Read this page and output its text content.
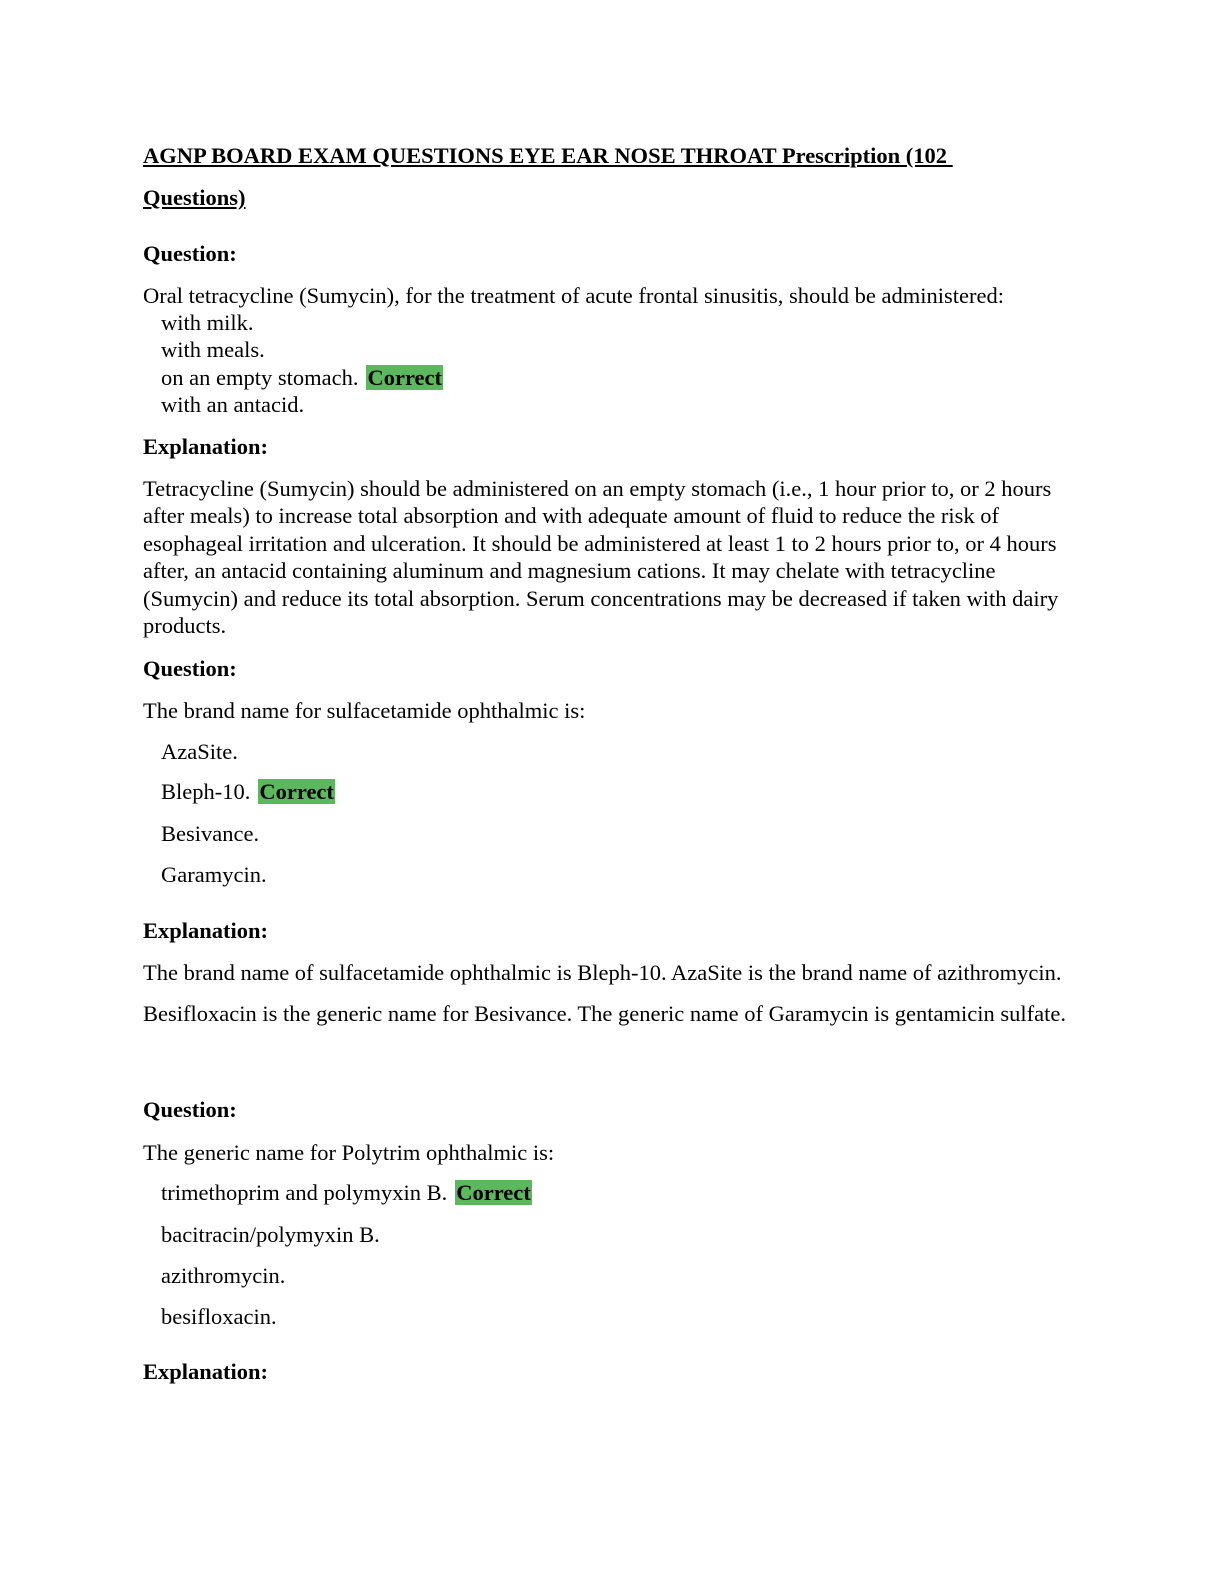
AGNP BOARD EXAM QUESTIONS EYE EAR NOSE THROAT Prescription (102
Questions)
Question:
Oral tetracycline (Sumycin), for the treatment of acute frontal sinusitis, should be administered:
with milk.
with meals.
on an empty stomach. Correct
with an antacid.
Explanation:
Tetracycline (Sumycin) should be administered on an empty stomach (i.e., 1 hour prior to, or 2 hours after meals) to increase total absorption and with adequate amount of fluid to reduce the risk of esophageal irritation and ulceration. It should be administered at least 1 to 2 hours prior to, or 4 hours after, an antacid containing aluminum and magnesium cations. It may chelate with tetracycline (Sumycin) and reduce its total absorption. Serum concentrations may be decreased if taken with dairy products.
Question:
The brand name for sulfacetamide ophthalmic is:
AzaSite.
Bleph-10. Correct
Besivance.
Garamycin.
Explanation:
The brand name of sulfacetamide ophthalmic is Bleph-10. AzaSite is the brand name of azithromycin. Besifloxacin is the generic name for Besivance. The generic name of Garamycin is gentamicin sulfate.
Question:
The generic name for Polytrim ophthalmic is:
trimethoprim and polymyxin B. Correct
bacitracin/polymyxin B.
azithromycin.
besifloxacin.
Explanation:
